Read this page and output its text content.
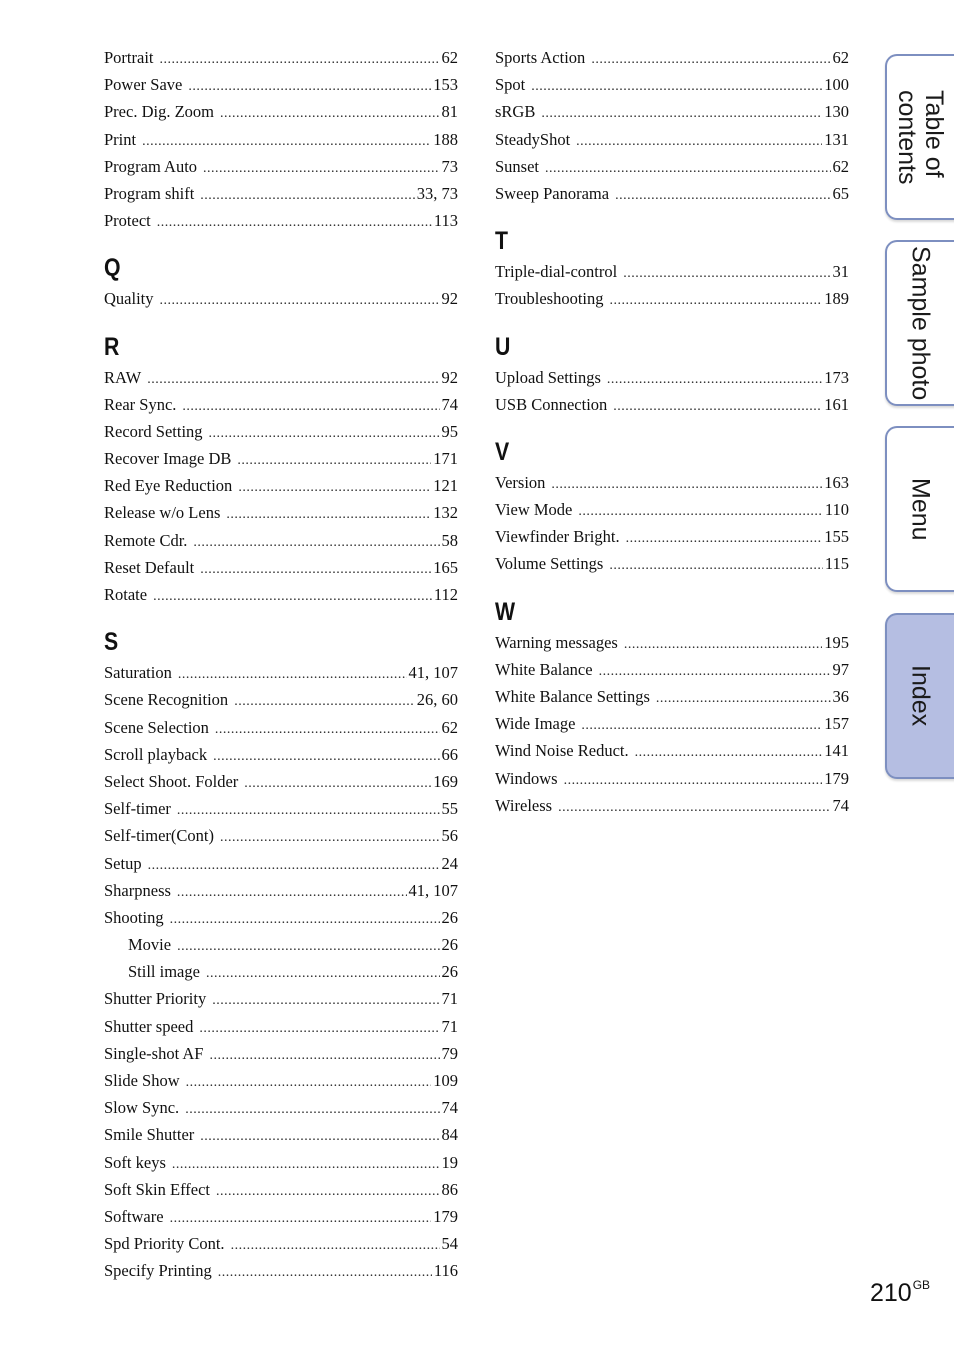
Portrait .....	62
Power Save .....	153
Prec. Dig. Zoom .....	81
Print .....	188
Program Auto .....	73
Program shift .....	33, 73
Protect .....	113
Q
Quality .....	92
R
RAW .....	92
Rear Sync. .....	74
Record Setting .....	95
Recover Image DB .....	171
Red Eye Reduction .....	121
Release w/o Lens .....	132
Remote Cdr. .....	58
Reset Default .....	165
Rotate .....	112
S
Saturation .....	41, 107
Scene Recognition .....	26, 60
Scene Selection .....	62
Scroll playback .....	66
Select Shoot. Folder .....	169
Self-timer .....	55
Self-timer(Cont) .....	56
Setup .....	24
Sharpness .....	41, 107
Shooting .....	26
Movie .....	26
Still image .....	26
Shutter Priority .....	71
Shutter speed .....	71
Single-shot AF .....	79
Slide Show .....	109
Slow Sync. .....	74
Smile Shutter .....	84
Soft keys .....	19
Soft Skin Effect .....	86
Software .....	179
Spd Priority Cont. .....	54
Specify Printing .....	116
Sports Action .....	62
Spot .....	100
sRGB .....	130
SteadyShot .....	131
Sunset .....	62
Sweep Panorama .....	65
T
Triple-dial-control .....	31
Troubleshooting .....	189
U
Upload Settings .....	173
USB Connection .....	161
V
Version .....	163
View Mode .....	110
Viewfinder Bright. .....	155
Volume Settings .....	115
W
Warning messages .....	195
White Balance .....	97
White Balance Settings .....	36
Wide Image .....	157
Wind Noise Reduct. .....	141
Windows .....	179
Wireless .....	74
Table of
contents
Sample photo
Menu
Index
$210^{GB}$
